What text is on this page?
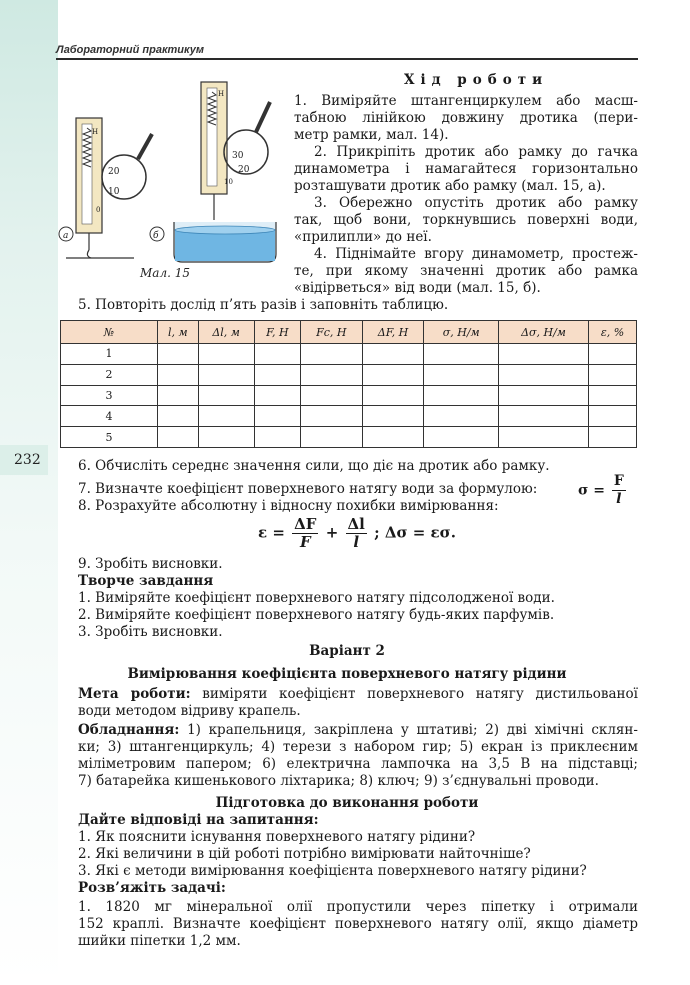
232
Лабораторний практикум
Н
20
10
0
а
Н
30
20
10
б
Мал. 15
Хід роботи
1. Виміряйте штангенциркулем або масш-
табною лінійкою довжину дротика (пери-
метр рамки, мал. 14).
2. Прикріпіть дротик або рамку до гачка
динамометра і намагайтеся горизонтально
розташувати дротик або рамку (мал. 15, а).
3. Обережно опустіть дротик або рамку
так, щоб вони, торкнувшись поверхні води,
«прилипли» до неї.
4. Піднімайте вгору динамометр, простеж-
те, при якому значенні дротик або рамка
«відірветься» від води (мал. 15, б).
5. Повторіть дослід п’ять разів і заповніть таблицю.
№	l, м	Δl, м	F, Н	Fc, Н	ΔF, Н	σ, Н/м	Δσ, Н/м	ε, %
1								
2								
3								
4								
5								
6. Обчисліть середнє значення сили, що діє на дротик або рамку.
7. Визначте коефіцієнт поверхневого натягу води за формулою:	$\sigma = \frac{F}{l}$
8. Розрахуйте абсолютну і відносну похибки вимірювання:
$\varepsilon = \frac{\Delta F}{F} + \frac{\Delta l}{l}$ ; Δσ = εσ.
9. Зробіть висновки.
Творче завдання
1. Виміряйте коефіцієнт поверхневого натягу підсолодженої води.
2. Виміряйте коефіцієнт поверхневого натягу будь-яких парфумів.
3. Зробіть висновки.
Варіант 2
Вимірювання коефіцієнта поверхневого натягу рідини
Мета роботи: виміряти коефіцієнт поверхневого натягу дистильованої
води методом відриву крапель.
Обладнання: 1) крапельниця, закріплена у штативі; 2) дві хімічні склян-
ки; 3) штангенциркуль; 4) терези з набором гир; 5) екран із приклеєним
міліметровим папером; 6) електрична лампочка на 3,5 В на підставці;
7) батарейка кишенькового ліхтарика; 8) ключ; 9) з’єднувальні проводи.
Підготовка до виконання роботи
Дайте відповіді на запитання:
1. Як пояснити існування поверхневого натягу рідини?
2. Які величини в цій роботі потрібно вимірювати найточніше?
3. Які є методи вимірювання коефіцієнта поверхневого натягу рідини?
Розв’яжіть задачі:
1. 1820 мг мінеральної олії пропустили через піпетку і отримали
152 краплі. Визначте коефіцієнт поверхневого натягу олії, якщо діаметр
шийки піпетки 1,2 мм.
